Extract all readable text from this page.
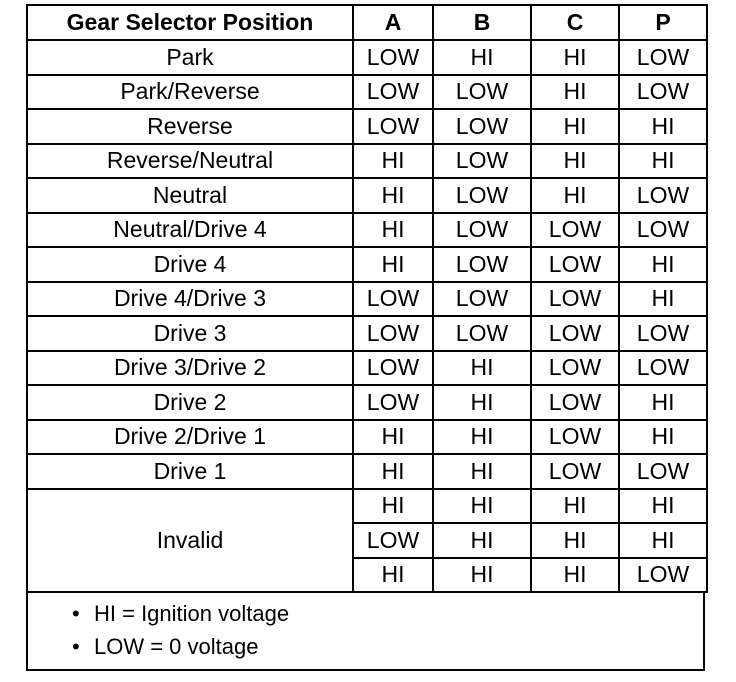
Gear Selector Position	A	B	C	P
Park	LOW	HI	HI	LOW
Park/Reverse	LOW	LOW	HI	LOW
Reverse	LOW	LOW	HI	HI
Reverse/Neutral	HI	LOW	HI	HI
Neutral	HI	LOW	HI	LOW
Neutral/Drive 4	HI	LOW	LOW	LOW
Drive 4	HI	LOW	LOW	HI
Drive 4/Drive 3	LOW	LOW	LOW	HI
Drive 3	LOW	LOW	LOW	LOW
Drive 3/Drive 2	LOW	HI	LOW	LOW
Drive 2	LOW	HI	LOW	HI
Drive 2/Drive 1	HI	HI	LOW	HI
Drive 1	HI	HI	LOW	LOW
Invalid	HI	HI	HI	HI
	LOW	HI	HI	HI
	HI	HI	HI	LOW
• HI = Ignition voltage
• LOW = 0 voltage
